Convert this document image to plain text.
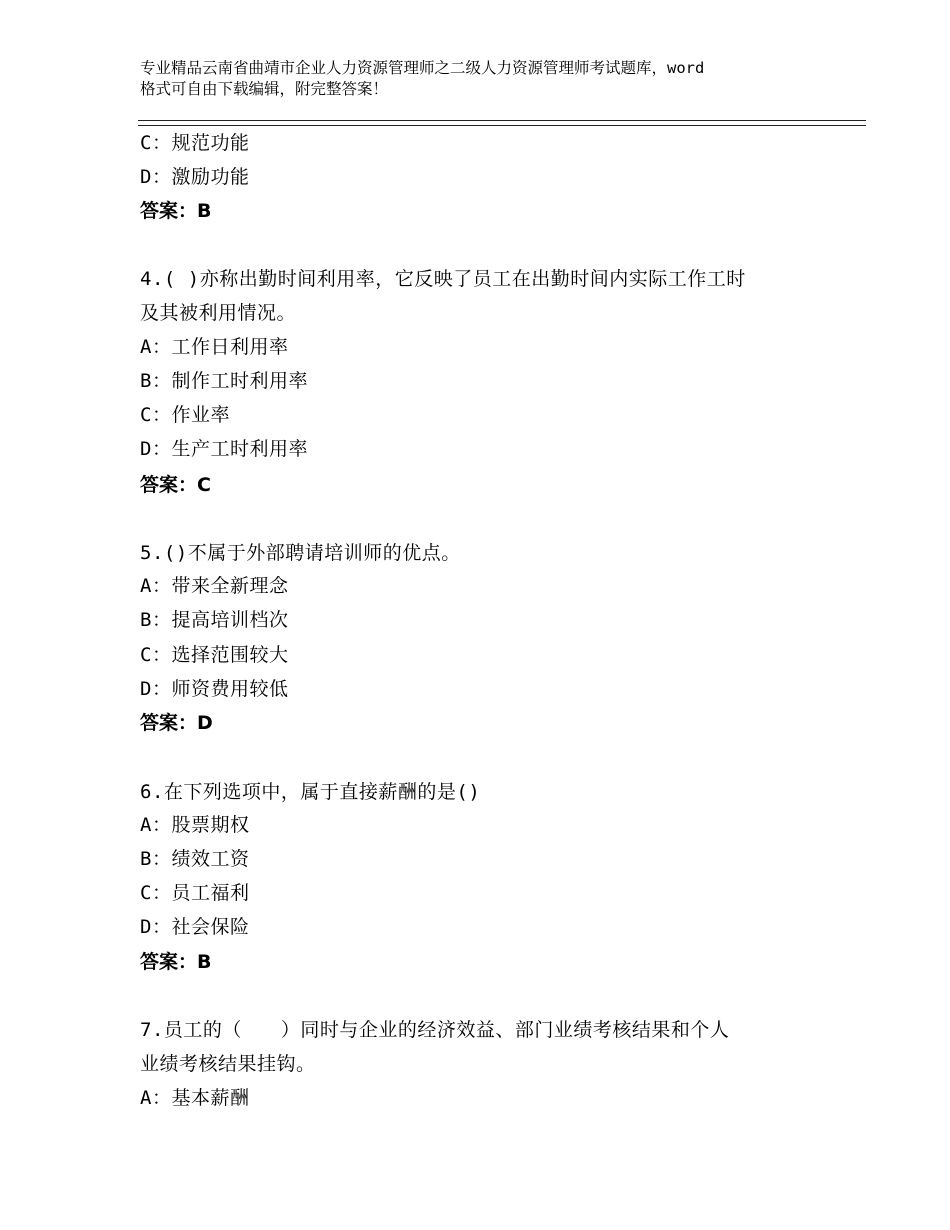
专业精品云南省曲靖市企业人力资源管理师之二级人力资源管理师考试题库，word
格式可自由下载编辑，附完整答案！
C：规范功能
D：激励功能
答案：B
4.( )亦称出勤时间利用率，它反映了员工在出勤时间内实际工作工时
及其被利用情况。
A：工作日利用率
B：制作工时利用率
C：作业率
D：生产工时利用率
答案：C
5.()不属于外部聘请培训师的优点。
A：带来全新理念
B：提高培训档次
C：选择范围较大
D：师资费用较低
答案：D
6.在下列选项中，属于直接薪酬的是()
A：股票期权
B：绩效工资
C：员工福利
D：社会保险
答案：B
7.员工的（　　）同时与企业的经济效益、部门业绩考核结果和个人
业绩考核结果挂钩。
A：基本薪酬
